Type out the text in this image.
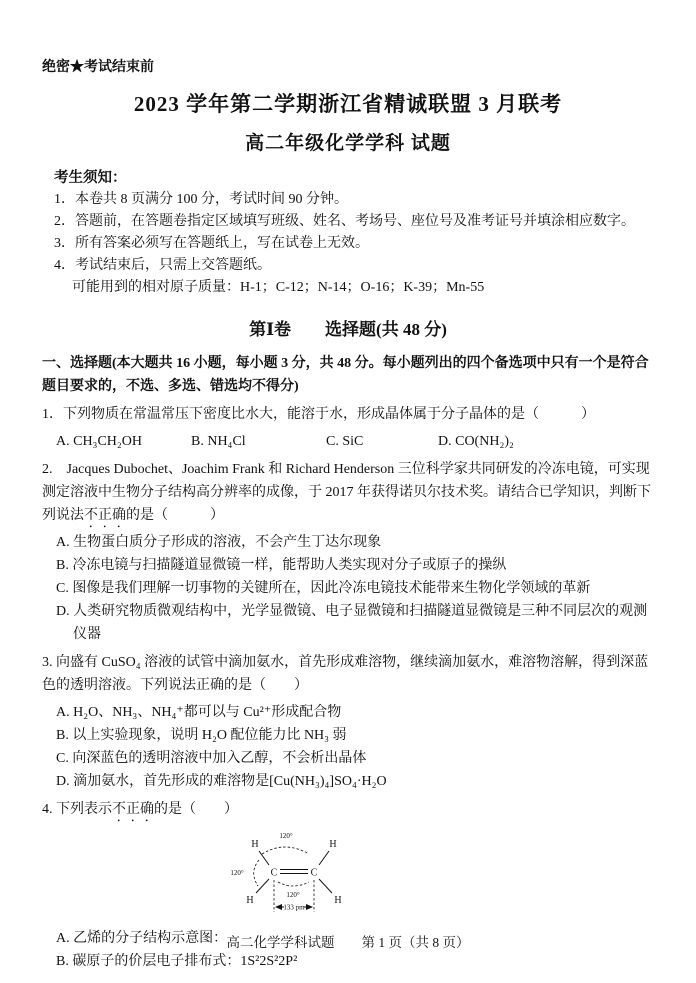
绝密★考试结束前
2023 学年第二学期浙江省精诚联盟 3 月联考
高二年级化学学科 试题
考生须知：
1．本卷共 8 页满分 100 分，考试时间 90 分钟。
2．答题前，在答题卷指定区域填写班级、姓名、考场号、座位号及准考证号并填涂相应数字。
3．所有答案必须写在答题纸上，写在试卷上无效。
4．考试结束后，只需上交答题纸。
可能用到的相对原子质量：H-1；C-12；N-14；O-16；K-39；Mn-55
第Ⅰ卷　　选择题(共 48 分)
一、选择题(本大题共 16 小题，每小题 3 分，共 48 分。每小题列出的四个备选项中只有一个是符合题目要求的，不选、多选、错选均不得分)

1．下列物质在常温常压下密度比水大，能溶于水，形成晶体属于分子晶体的是（　　　）

A. CH₃CH₂OH	B. NH₄Cl	C. SiC	D. CO(NH₂)₂

2.　Jacques Dubochet、Joachim Frank 和 Richard Henderson 三位科学家共同研发的冷冻电镜，可实现测定溶液中生物分子结构高分辨率的成像，于 2017 年获得诺贝尔技术奖。请结合已学知识，判断下列说法不正确的是（　　　）

A. 生物蛋白质分子形成的溶液，不会产生丁达尔现象
B. 冷冻电镜与扫描隧道显微镜一样，能帮助人类实现对分子或原子的操纵
C. 图像是我们理解一切事物的关键所在，因此冷冻电镜技术能带来生物化学领域的革新
D. 人类研究物质微观结构中，光学显微镜、电子显微镜和扫描隧道显微镜是三种不同层次的观测仪器

3. 向盛有 CuSO₄ 溶液的试管中滴加氨水，首先形成难溶物，继续滴加氨水，难溶物溶解，得到深蓝色的透明溶液。下列说法正确的是（　　）

A. H₂O、NH₃、NH₄⁺都可以与 Cu²⁺形成配合物
B. 以上实验现象，说明 H₂O 配位能力比 NH₃ 弱
C. 向深蓝色的透明溶液中加入乙醇，不会析出晶体
D. 滴加氨水，首先形成的难溶物是[Cu(NH₃)₄]SO₄·H₂O

4. 下列表示不正确的是（　　）

C	C
H	H
H	H
120°
120°
120°
133 pm
A. 乙烯的分子结构示意图：
B. 碳原子的价层电子排布式：1S²2S²2P²
高二化学学科试题　　第 1 页（共 8 页）
